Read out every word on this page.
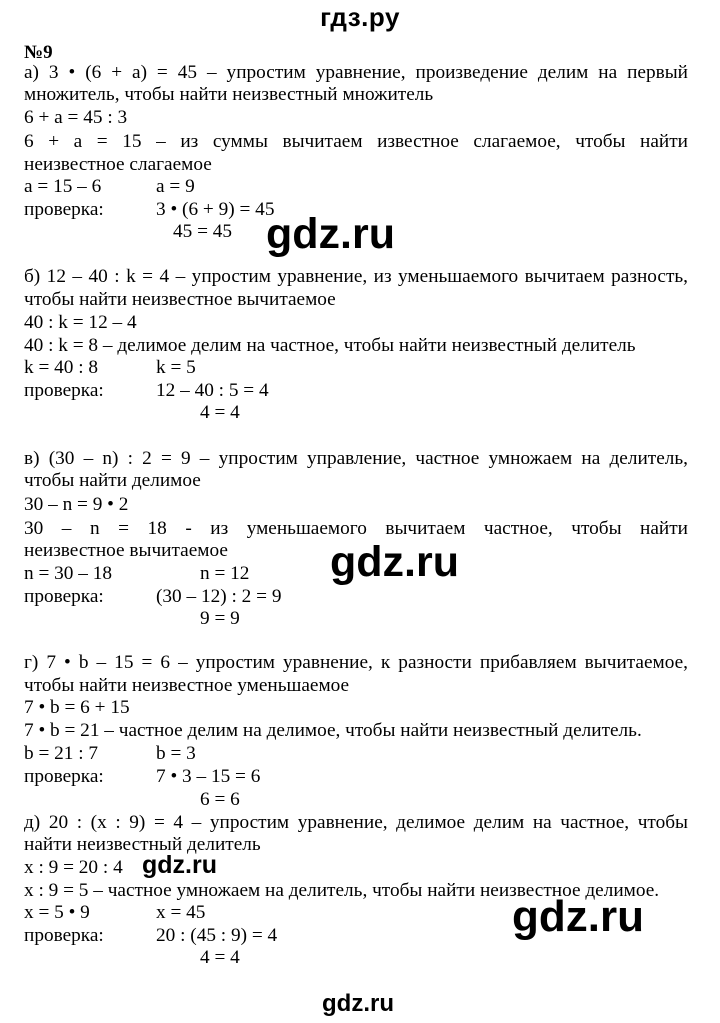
гдз.ру
№9
а) 3 • (6 + a) = 45 – упростим уравнение, произведение делим на первый
множитель, чтобы найти неизвестный множитель
6 + a = 45 : 3
6 + a = 15 – из суммы вычитаем известное слагаемое, чтобы найти
неизвестное слагаемое
a = 15 – 6	a = 9
проверка:	3 • (6 + 9) = 45
45 = 45 gdz.ru
б) 12 – 40 : k = 4 – упростим уравнение, из уменьшаемого вычитаем разность,
чтобы найти неизвестное вычитаемое
40 : k = 12 – 4
40 : k = 8 – делимое делим на частное, чтобы найти неизвестный делитель
k = 40 : 8	k = 5
проверка:	12 – 40 : 5 = 4
4 = 4
в) (30 – n) : 2 = 9 – упростим управление, частное умножаем на делитель,
чтобы найти делимое
30 – n = 9 • 2
30 – n = 18 - из уменьшаемого вычитаем частное, чтобы найти
неизвестное вычитаемое
n = 30 – 18	n = 12
проверка:	(30 – 12) : 2 = 9
9 = 9
gdz.ru
г) 7 • b – 15 = 6 – упростим уравнение, к разности прибавляем вычитаемое,
чтобы найти неизвестное уменьшаемое
7 • b = 6 + 15
7 • b = 21 – частное делим на делимое, чтобы найти неизвестный делитель.
b = 21 : 7	b = 3
проверка:	7 • 3 – 15 = 6
6 = 6
д) 20 : (x : 9) = 4 – упростим уравнение, делимое делим на частное, чтобы
найти неизвестный делитель
x : 9 = 20 : 4
x : 9 = 5 – частное умножаем на делитель, чтобы найти неизвестное делимое.
x = 5 • 9	x = 45
проверка:	20 : (45 : 9) = 4
4 = 4
gdz.ru
gdz.ru
gdz.ru
